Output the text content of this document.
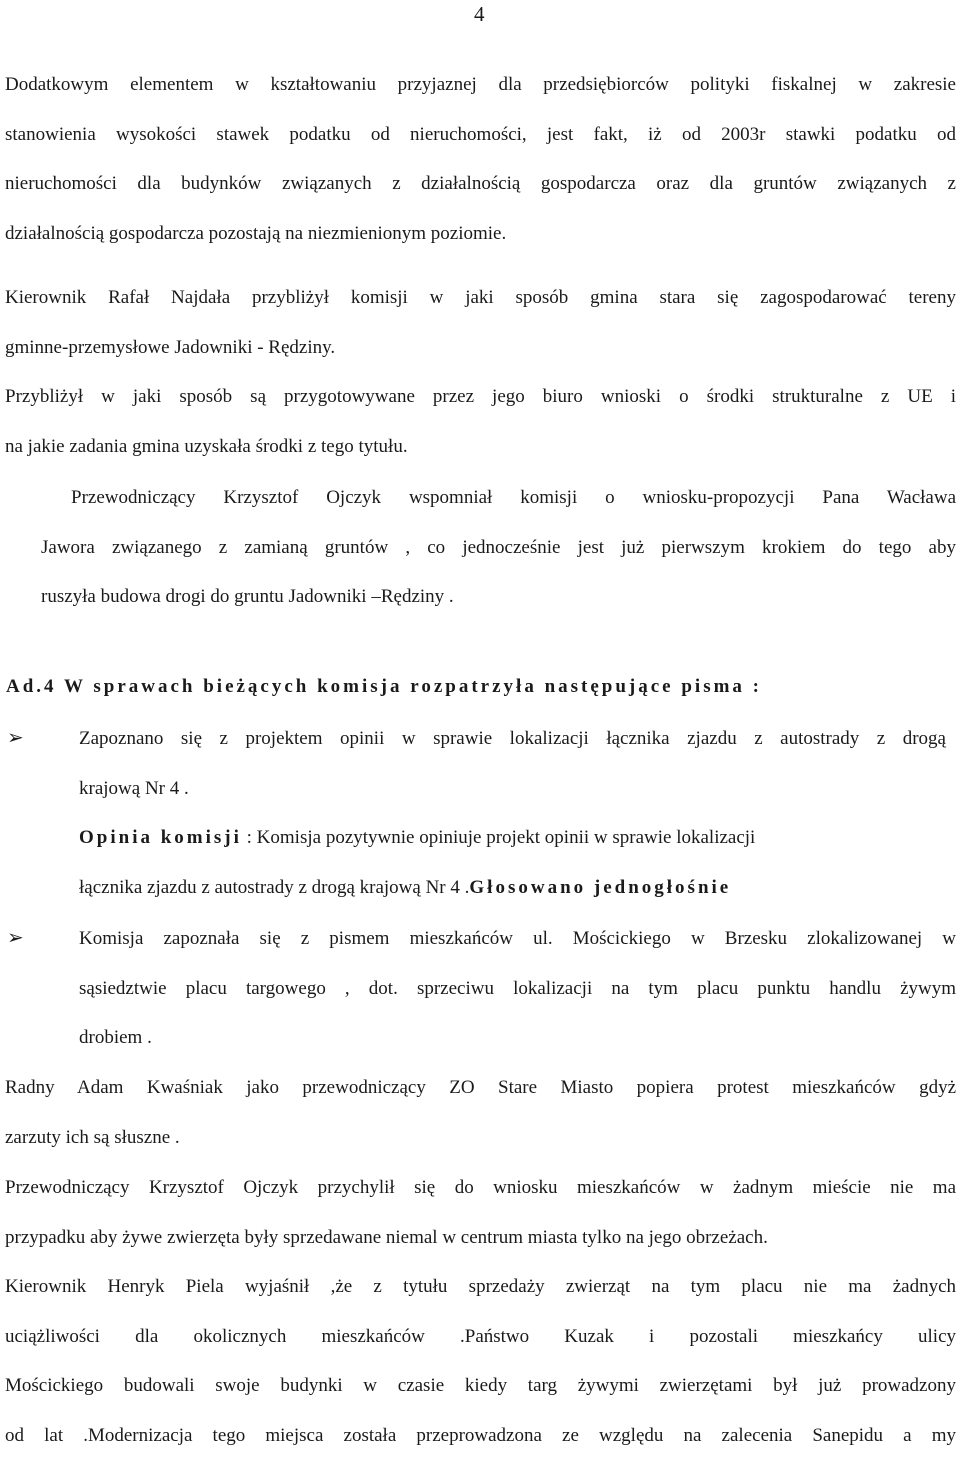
4
Dodatkowym elementem w kształtowaniu przyjaznej dla przedsiębiorców polityki fiskalnej w zakresie
stanowienia wysokości stawek podatku od nieruchomości, jest fakt, iż od 2003r stawki podatku od
nieruchomości dla budynków związanych z działalnością gospodarcza oraz dla gruntów związanych z
działalnością gospodarcza pozostają na niezmienionym poziomie.
Kierownik Rafał Najdała przybliżył komisji w jaki sposób gmina stara się zagospodarować tereny
gminne-przemysłowe Jadowniki - Rędziny.
Przybliżył w jaki sposób są przygotowywane przez jego biuro wnioski o środki strukturalne z UE i
na jakie zadania gmina uzyskała środki z tego tytułu.
Przewodniczący Krzysztof Ojczyk wspomniał komisji o wniosku-propozycji Pana Wacława
Jawora związanego z zamianą gruntów , co jednocześnie jest już pierwszym krokiem do tego aby
ruszyła budowa drogi do gruntu Jadowniki –Rędziny .
Ad.4 W sprawach bieżących komisja rozpatrzyła następujące pisma :
➢	Zapoznano się z projektem opinii w sprawie lokalizacji łącznika zjazdu z autostrady z drogą
krajową Nr 4 .
Opinia komisji : Komisja pozytywnie opiniuje projekt opinii w sprawie lokalizacji
łącznika zjazdu z autostrady z drogą krajową Nr 4 .Głosowano jednogłośnie
➢	Komisja zapoznała się z pismem mieszkańców ul. Mościckiego w Brzesku zlokalizowanej w
sąsiedztwie placu targowego , dot. sprzeciwu lokalizacji na tym placu punktu handlu żywym
drobiem .
Radny Adam Kwaśniak jako przewodniczący ZO Stare Miasto popiera protest mieszkańców gdyż
zarzuty ich są słuszne .
Przewodniczący Krzysztof Ojczyk przychylił się do wniosku mieszkańców w żadnym mieście nie ma
przypadku aby żywe zwierzęta były sprzedawane niemal w centrum miasta tylko na jego obrzeżach.
Kierownik Henryk Piela wyjaśnił ,że z tytułu sprzedaży zwierząt na tym placu nie ma żadnych
uciążliwości dla okolicznych mieszkańców .Państwo Kuzak i pozostali mieszkańcy ulicy
Mościckiego budowali swoje budynki w czasie kiedy targ żywymi zwierzętami był już prowadzony
od lat .Modernizacja tego miejsca została przeprowadzona ze względu na zalecenia Sanepidu a my
